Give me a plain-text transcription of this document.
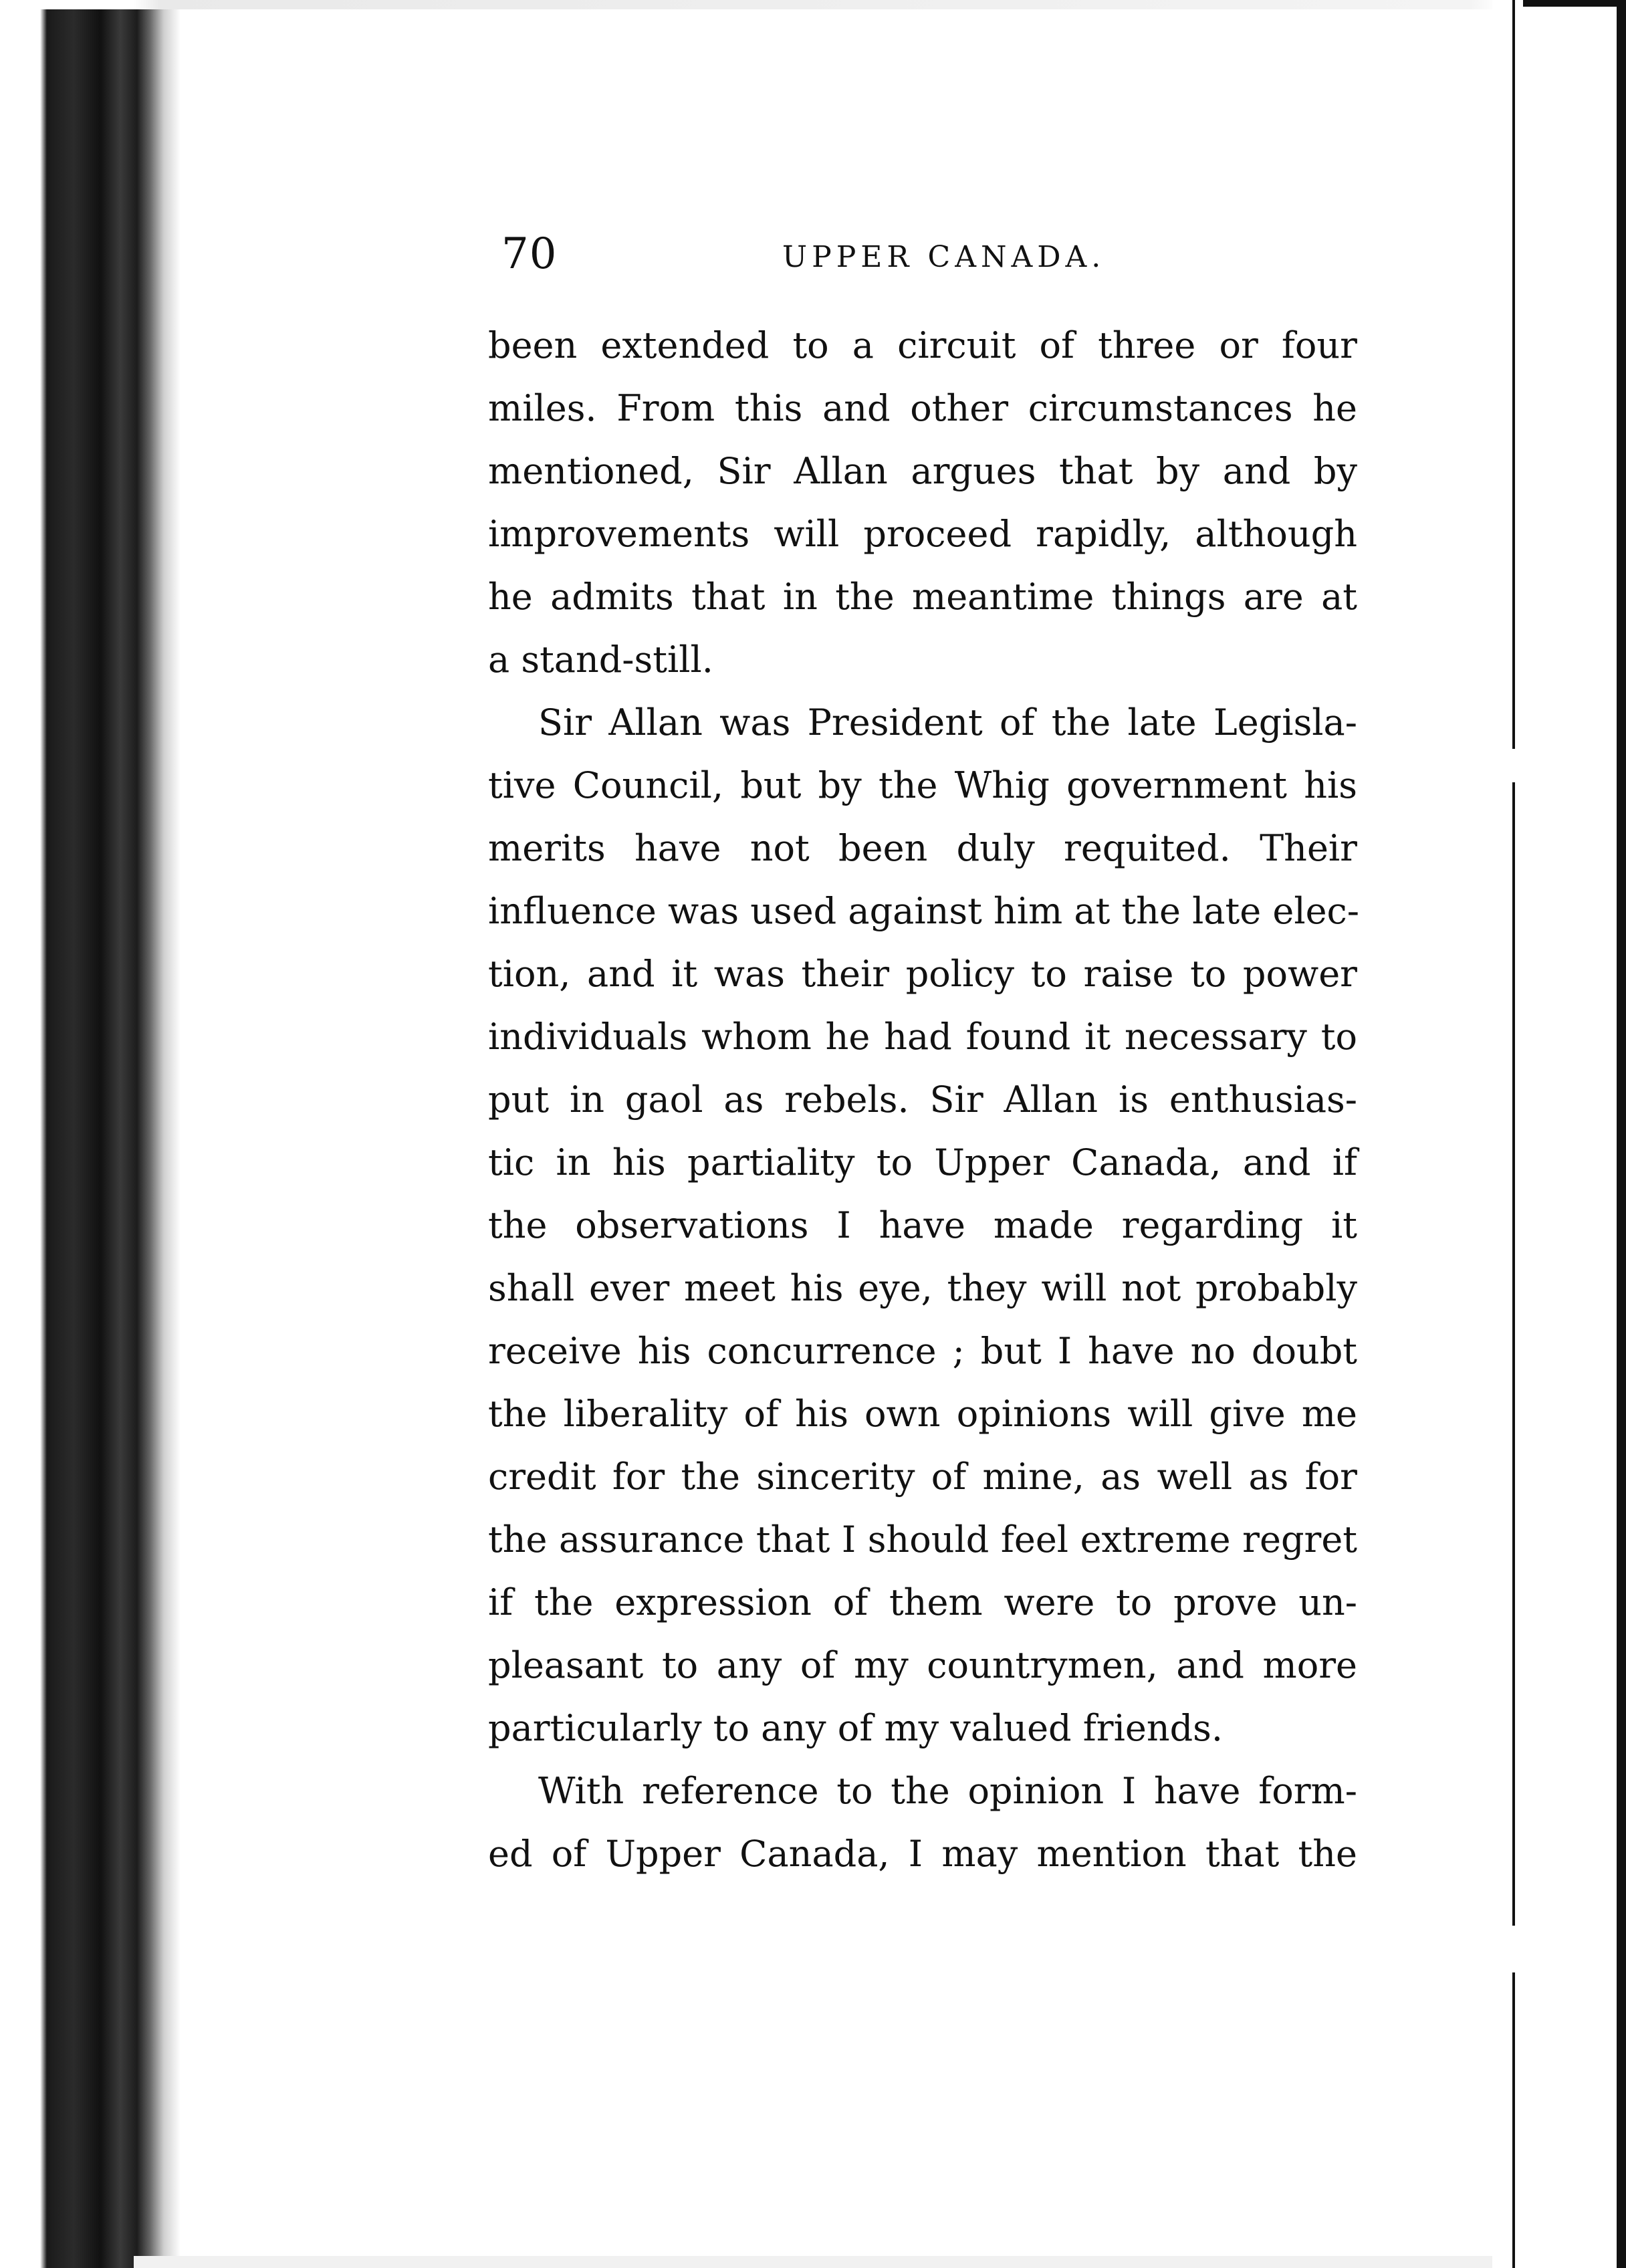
70	UPPER CANADA.
been extended to a circuit of three or four
miles. From this and other circumstances he
mentioned, Sir Allan argues that by and by
improvements will proceed rapidly, although
he admits that in the meantime things are at
a stand-still.
Sir Allan was President of the late Legisla-
tive Council, but by the Whig government his
merits have not been duly requited. Their
influence was used against him at the late elec-
tion, and it was their policy to raise to power
individuals whom he had found it necessary to
put in gaol as rebels. Sir Allan is enthusias-
tic in his partiality to Upper Canada, and if
the observations I have made regarding it
shall ever meet his eye, they will not probably
receive his concurrence ; but I have no doubt
the liberality of his own opinions will give me
credit for the sincerity of mine, as well as for
the assurance that I should feel extreme regret
if the expression of them were to prove un-
pleasant to any of my countrymen, and more
particularly to any of my valued friends.
With reference to the opinion I have form-
ed of Upper Canada, I may mention that the
